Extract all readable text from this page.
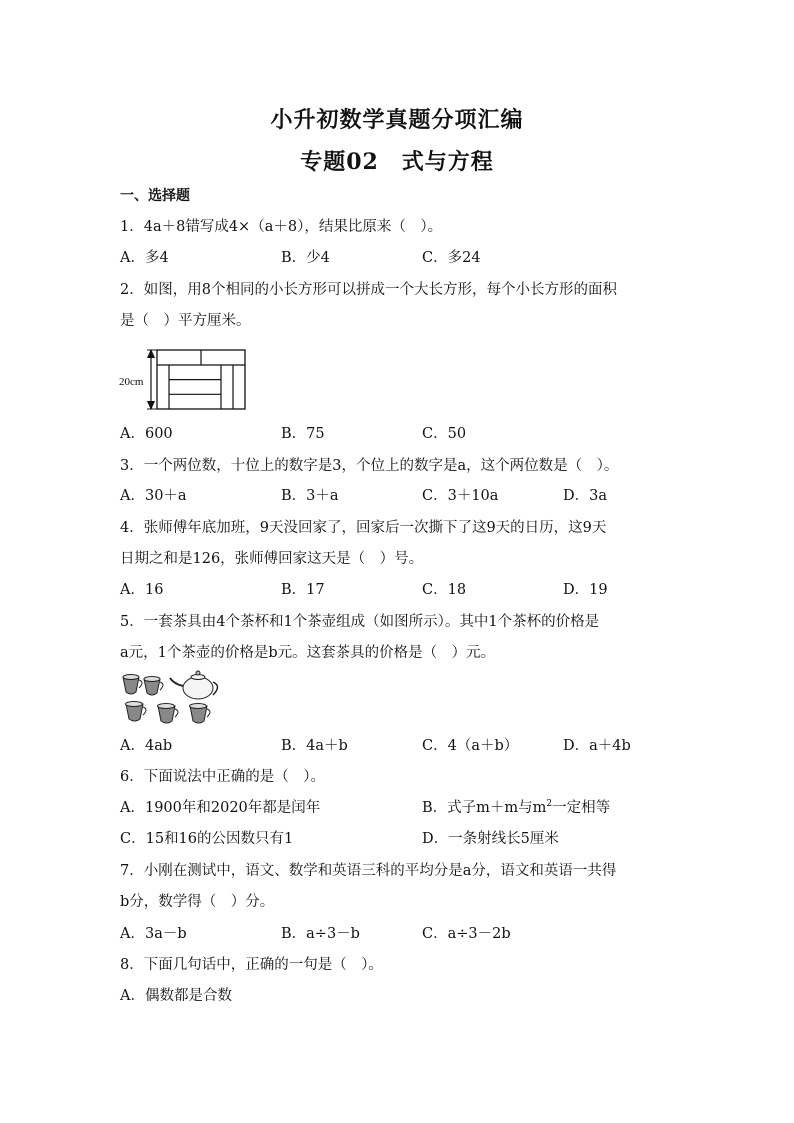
小升初数学真题分项汇编
专题02　式与方程
一、选择题
1．4a＋8错写成4×（a＋8），结果比原来（　）。
A．多4	B．少4	C．多24
2．如图，用8个相同的小长方形可以拼成一个大长方形，每个小长方形的面积
是（　）平方厘米。
20cm
A．600	B．75	C．50
3．一个两位数，十位上的数字是3，个位上的数字是a，这个两位数是（　）。
A．30＋a	B．3＋a	C．3＋10a	D．3a
4．张师傅年底加班，9天没回家了，回家后一次撕下了这9天的日历，这9天
日期之和是126，张师傅回家这天是（　）号。
A．16	B．17	C．18	D．19
5．一套茶具由4个茶杯和1个茶壶组成（如图所示）。其中1个茶杯的价格是
a元，1个茶壶的价格是b元。这套茶具的价格是（　）元。
A．4ab	B．4a＋b	C．4（a＋b）	D．a＋4b
6．下面说法中正确的是（　）。
A．1900年和2020年都是闰年	B．式子m＋m与$m^2$一定相等
C．15和16的公因数只有1	D．一条射线长5厘米
7．小刚在测试中，语文、数学和英语三科的平均分是a分，语文和英语一共得
b分，数学得（　）分。
A．3a－b	B．a÷3－b	C．a÷3－2b
8．下面几句话中，正确的一句是（　）。
A．偶数都是合数
